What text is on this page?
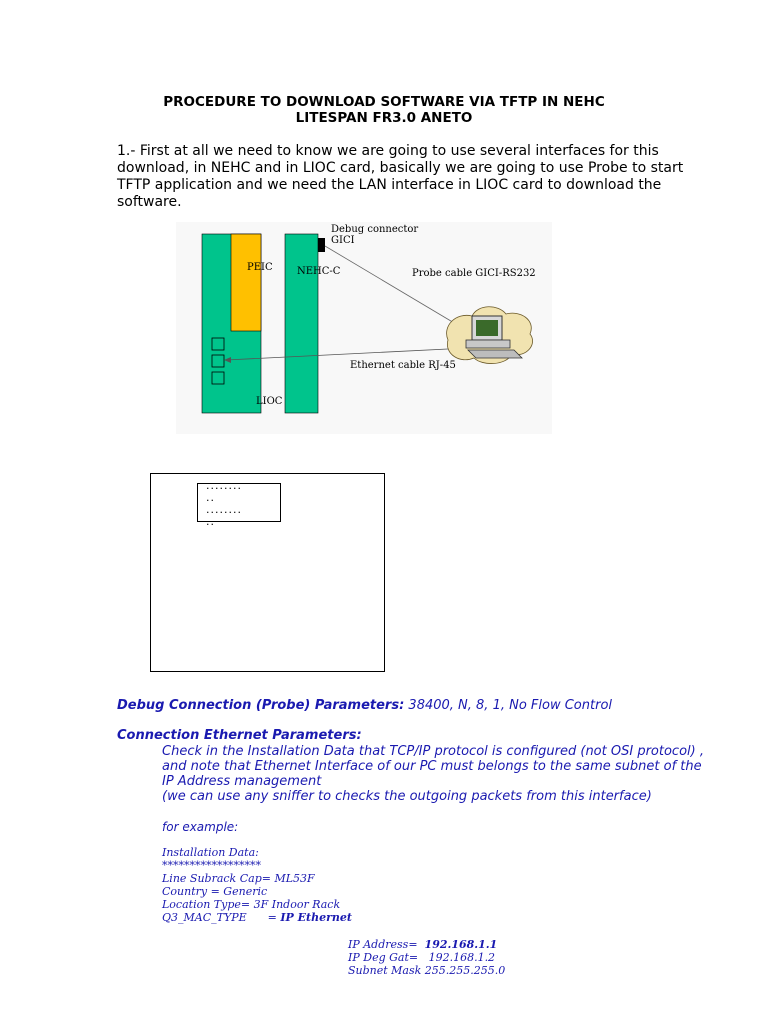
PROCEDURE TO DOWNLOAD SOFTWARE VIA TFTP IN NEHC
LITESPAN FR3.0 ANETO
1.- First at all we need to know we are going to use several interfaces for this
download, in NEHC and in LIOC card, basically we are going to use Probe to start
TFTP application and we need the LAN interface in LIOC card to download the
software.
Debug connector
GICI
PEIC NEHC-C	Probe cable GICI-RS232
Ethernet cable RJ-45
LIOC
........
..
........
..
Debug Connection (Probe) Parameters: 38400, N, 8, 1, No Flow Control
Connection Ethernet Parameters:
Check in the Installation Data that TCP/IP protocol is configured (not OSI protocol) ,
and note that Ethernet Interface of our PC must belongs to the same subnet of the
IP Address management
(we can use any sniffer to checks the outgoing packets from this interface)
for example:
Installation Data:
******************
Line Subrack Cap= ML53F
Country = Generic
Location Type= 3F Indoor Rack
Q3_MAC_TYPE      = IP Ethernet
IP Address=  192.168.1.1
IP Deg Gat=   192.168.1.2
Subnet Mask 255.255.255.0
